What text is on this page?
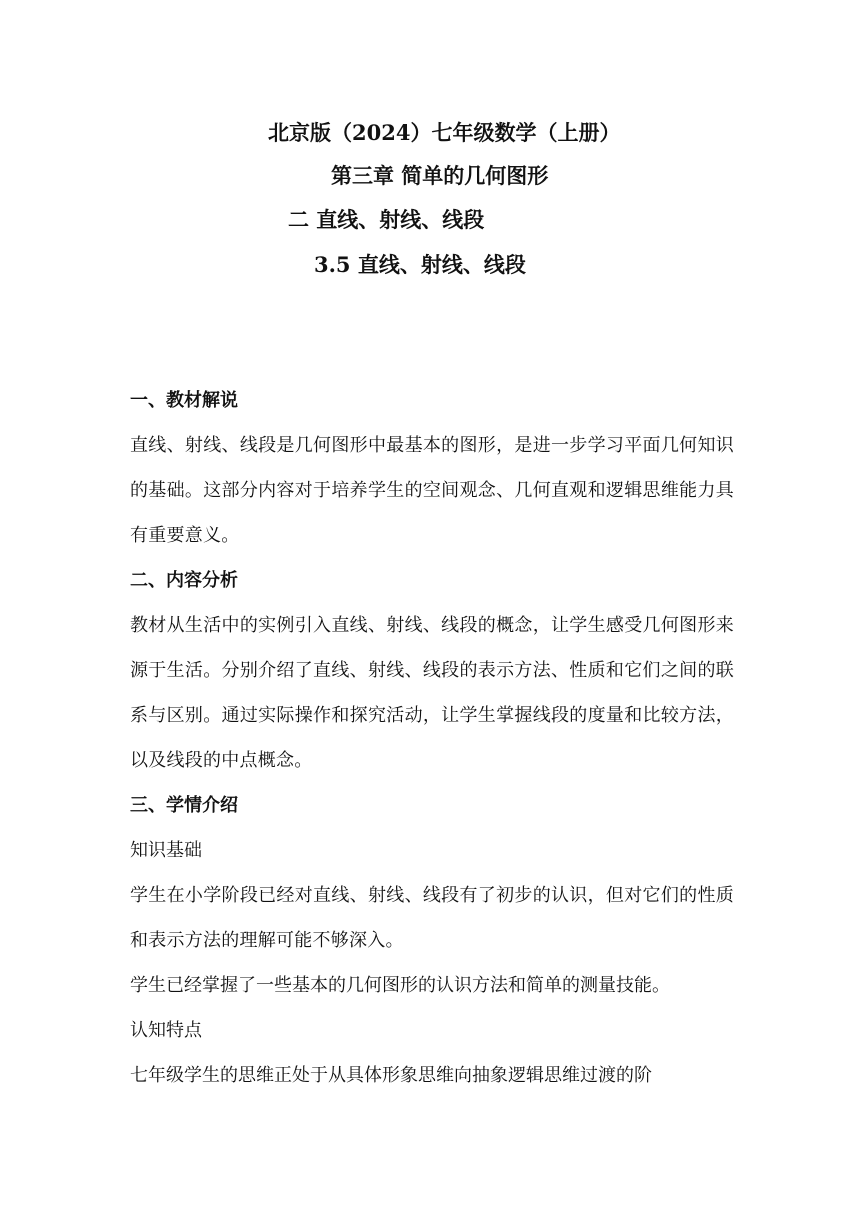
北京版（2024）七年级数学（上册）
第三章 简单的几何图形
二 直线、射线、线段
3.5 直线、射线、线段

一、教材解说

直线、射线、线段是几何图形中最基本的图形，是进一步学习平面几何知识的基础。这部分内容对于培养学生的空间观念、几何直观和逻辑思维能力具有重要意义。

二、内容分析

教材从生活中的实例引入直线、射线、线段的概念，让学生感受几何图形来源于生活。分别介绍了直线、射线、线段的表示方法、性质和它们之间的联系与区别。通过实际操作和探究活动，让学生掌握线段的度量和比较方法，以及线段的中点概念。

三、学情介绍

知识基础

学生在小学阶段已经对直线、射线、线段有了初步的认识，但对它们的性质和表示方法的理解可能不够深入。

学生已经掌握了一些基本的几何图形的认识方法和简单的测量技能。

认知特点

七年级学生的思维正处于从具体形象思维向抽象逻辑思维过渡的阶
